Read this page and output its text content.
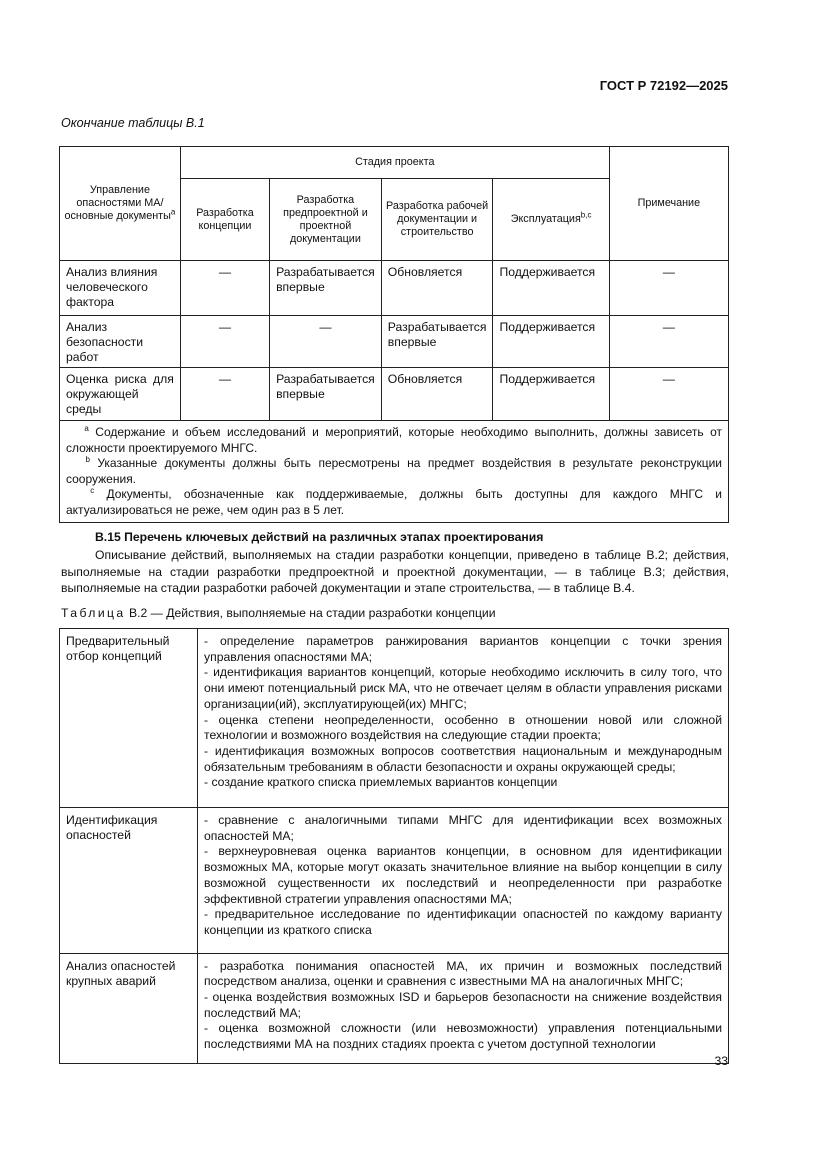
ГОСТ Р 72192—2025
Окончание таблицы В.1
Управление опасностями МА/основные документы$^a$	Стадия проекта				Примечание
	Разработка концепции	Разработка предпроектной и проектной документации	Разработка рабочей документации и строительство	Эксплуатация$^{b,c}$
Анализ влияния человеческого фактора	—	Разрабатывается впервые	Обновляется	Поддерживается	—
Анализ безопасности работ	—	—	Разрабатывается впервые	Поддерживается	—
Оценка риска для окружающей среды	—	Разрабатывается впервые	Обновляется	Поддерживается	—

  $^a$ Содержание и объем исследований и мероприятий, которые необходимо выполнить, должны зависеть от сложности проектируемого МНГС.

  $^b$ Указанные документы должны быть пересмотрены на предмет воздействия в результате реконструкции сооружения.

  $^c$ Документы, обозначенные как поддерживаемые, должны быть доступны для каждого МНГС и актуализироваться не реже, чем один раз в 5 лет.					

В.15 Перечень ключевых действий на различных этапах проектирования
Описывание действий, выполняемых на стадии разработки концепции, приведено в таблице В.2; действия, выполняемые на стадии разработки предпроектной и проектной документации, — в таблице В.3; действия, выполняемые на стадии разработки рабочей документации и этапе строительства, — в таблице В.4.
Таблица В.2 — Действия, выполняемые на стадии разработки концепции
Предварительный отбор концепций	- определение параметров ранжирования вариантов концепции с точки зрения управления опасностями МА;

- идентификация вариантов концепций, которые необходимо исключить в силу того, что они имеют потенциальный риск МА, что не отвечает целям в области управления рисками организации(ий), эксплуатирующей(их) МНГС;

- оценка степени неопределенности, особенно в отношении новой или сложной технологии и возможного воздействия на следующие стадии проекта;

- идентификация возможных вопросов соответствия национальным и международным обязательным требованиям в области безопасности и охраны окружающей среды;

- создание краткого списка приемлемых вариантов концепции

Идентификация опасностей	- сравнение с аналогичными типами МНГС для идентификации всех возможных опасностей МА;

- верхнеуровневая оценка вариантов концепции, в основном для идентификации возможных МА, которые могут оказать значительное влияние на выбор концепции в силу возможной существенности их последствий и неопределенности при разработке эффективной стратегии управления опасностями МА;

- предварительное исследование по идентификации опасностей по каждому варианту концепции из краткого списка

Анализ опасностей крупных аварий	- разработка понимания опасностей МА, их причин и возможных последствий посредством анализа, оценки и сравнения с известными МА на аналогичных МНГС;

- оценка воздействия возможных ISD и барьеров безопасности на снижение воздействия последствий МА;

- оценка возможной сложности (или невозможности) управления потенциальными последствиями МА на поздних стадиях проекта с учетом доступной технологии

33
